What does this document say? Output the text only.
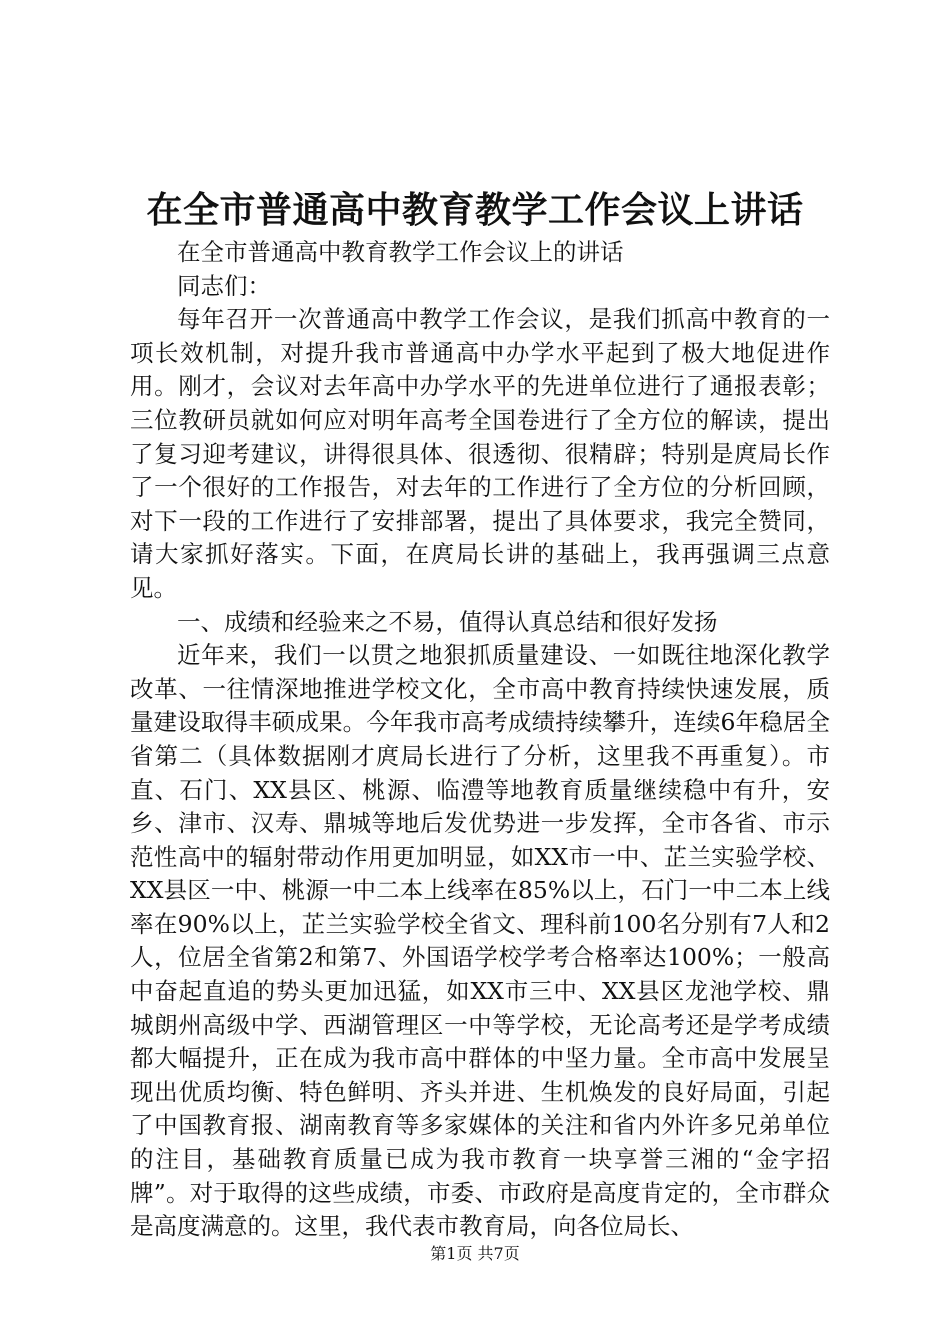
在全市普通高中教育教学工作会议上讲话

在全市普通高中教育教学工作会议上的讲话

同志们：

每年召开一次普通高中教学工作会议，是我们抓高中教育的一项长效机制，对提升我市普通高中办学水平起到了极大地促进作用。刚才，会议对去年高中办学水平的先进单位进行了通报表彰；三位教研员就如何应对明年高考全国卷进行了全方位的解读，提出了复习迎考建议，讲得很具体、很透彻、很精辟；特别是庹局长作了一个很好的工作报告，对去年的工作进行了全方位的分析回顾，对下一段的工作进行了安排部署，提出了具体要求，我完全赞同，请大家抓好落实。下面，在庹局长讲的基础上，我再强调三点意见。

一、成绩和经验来之不易，值得认真总结和很好发扬

近年来，我们一以贯之地狠抓质量建设、一如既往地深化教学改革、一往情深地推进学校文化，全市高中教育持续快速发展，质量建设取得丰硕成果。今年我市高考成绩持续攀升，连续6年稳居全省第二（具体数据刚才庹局长进行了分析，这里我不再重复）。市直、石门、XX县区、桃源、临澧等地教育质量继续稳中有升，安乡、津市、汉寿、鼎城等地后发优势进一步发挥，全市各省、市示范性高中的辐射带动作用更加明显，如XX市一中、芷兰实验学校、XX县区一中、桃源一中二本上线率在85%以上，石门一中二本上线率在90%以上，芷兰实验学校全省文、理科前100名分别有7人和2人，位居全省第2和第7、外国语学校学考合格率达100%；一般高中奋起直追的势头更加迅猛，如XX市三中、XX县区龙池学校、鼎城朗州高级中学、西湖管理区一中等学校，无论高考还是学考成绩都大幅提升，正在成为我市高中群体的中坚力量。全市高中发展呈现出优质均衡、特色鲜明、齐头并进、生机焕发的良好局面，引起了中国教育报、湖南教育等多家媒体的关注和省内外许多兄弟单位的注目，基础教育质量已成为我市教育一块享誉三湘的“金字招牌”。对于取得的这些成绩，市委、市政府是高度肯定的，全市群众是高度满意的。这里，我代表市教育局，向各位局长、

第1页 共7页
